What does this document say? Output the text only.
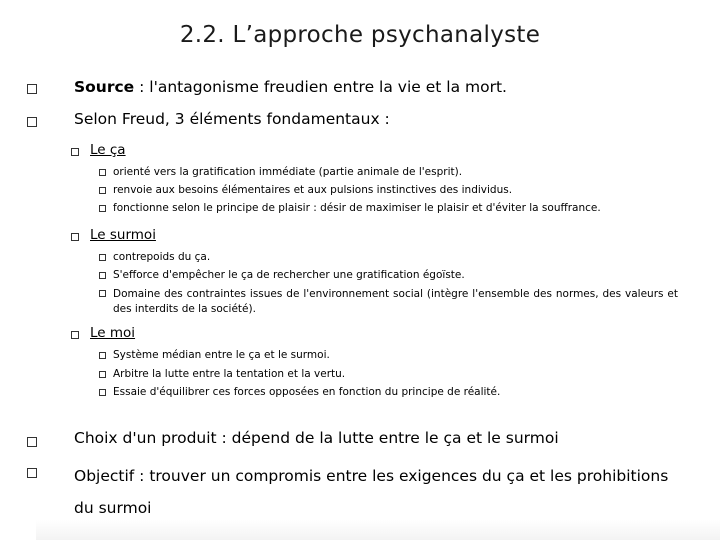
2.2. L’approche psychanalyste
Source : l'antagonisme freudien entre la vie et la mort.
Selon Freud, 3 éléments fondamentaux :
Le ça
orienté vers la gratification immédiate (partie animale de l'esprit).
renvoie aux besoins élémentaires et aux pulsions instinctives des individus.
fonctionne selon le principe de plaisir : désir de maximiser le plaisir et d'éviter la souffrance.
Le surmoi
contrepoids du ça.
S'efforce d'empêcher le ça de rechercher une gratification égoïste.
Domaine des contraintes issues de l'environnement social (intègre l'ensemble des normes, des valeurs et des interdits de la société).
Le moi
Système médian entre le ça et le surmoi.
Arbitre la lutte entre la tentation et la vertu.
Essaie d'équilibrer ces forces opposées en fonction du principe de réalité.
Choix d'un produit : dépend de la lutte entre le ça et le surmoi
Objectif : trouver un compromis entre les exigences du ça et les prohibitions du surmoi
